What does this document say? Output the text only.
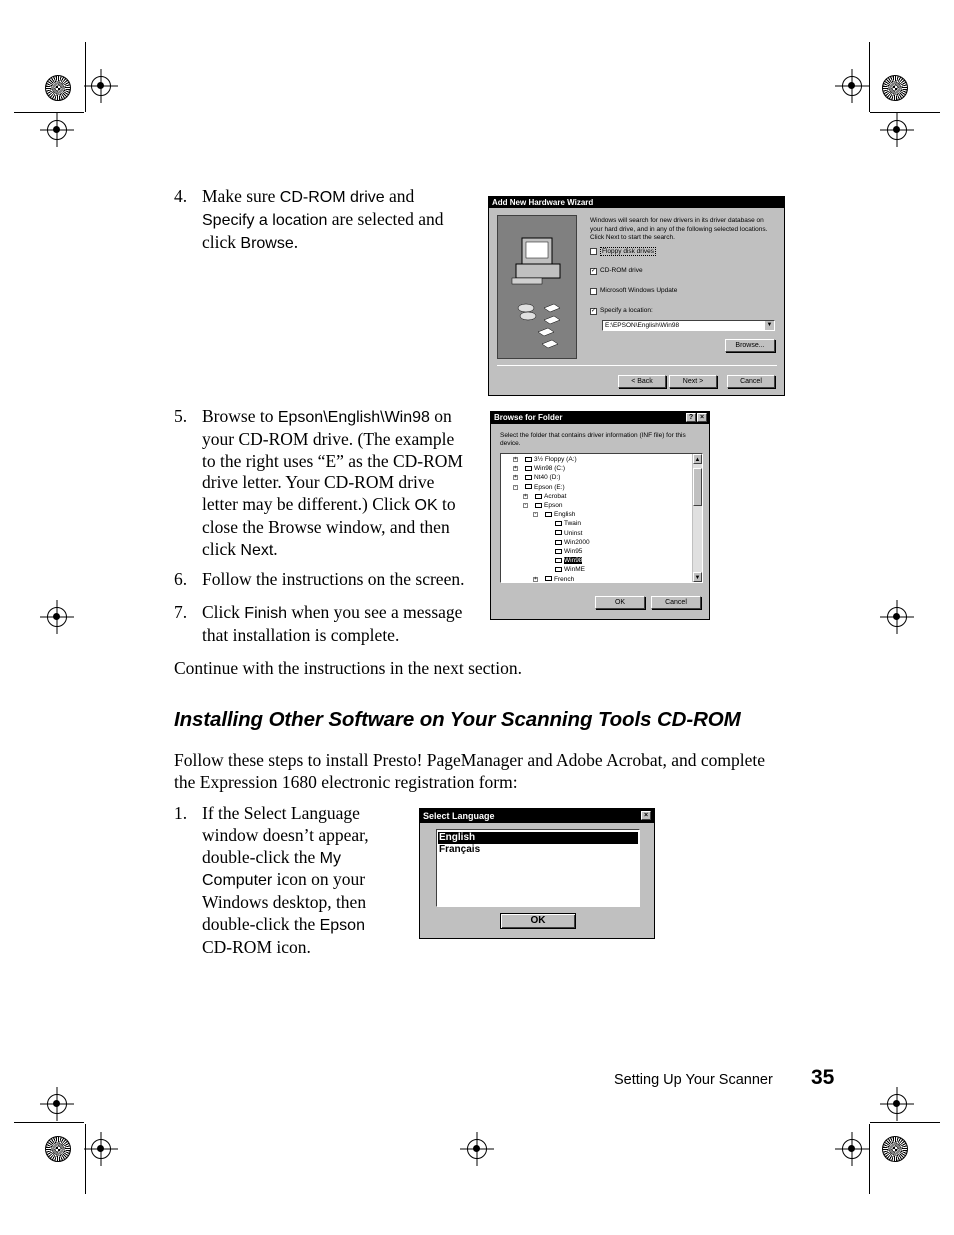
4. Make sure CD-ROM drive and
Specify a location are selected and
click Browse.
Add New Hardware Wizard
Windows will search for new drivers in its driver database on
your hard drive, and in any of the following selected locations.
Click Next to start the search.
Floppy disk drives
✓ CD-ROM drive
Microsoft Windows Update
✓ Specify a location:
E:\EPSON\English\Win98	▼
Browse...
< Back	Next >	Cancel
5. Browse to Epson\English\Win98 on
your CD-ROM drive. (The example
to the right uses “E” as the CD-ROM
drive letter. Your CD-ROM drive
letter may be different.) Click OK to
close the Browse window, and then
click Next.
Browse for Folder	? ×
Select the folder that contains driver information (INF file) for this
device.
+	3½ Floppy (A:)
+	Win98 (C:)
+	Nt40 (D:)
-	Epson (E:)
+	Acrobat
-	Epson
-	English
Twain
Uninst
Win2000
Win95
Win98
WinME
+	French
▲
▼
OK	Cancel
6. Follow the instructions on the screen.
7. Click Finish when you see a message
that installation is complete.
Continue with the instructions in the next section.
Installing Other Software on Your Scanning Tools CD-ROM
Follow these steps to install Presto! PageManager and Adobe Acrobat, and complete
the Expression 1680 electronic registration form:
1. If the Select Language
window doesn’t appear,
double-click the My
Computer icon on your
Windows desktop, then
double-click the Epson
CD-ROM icon.
Select Language	×
English
Français
OK
Setting Up Your Scanner 35
